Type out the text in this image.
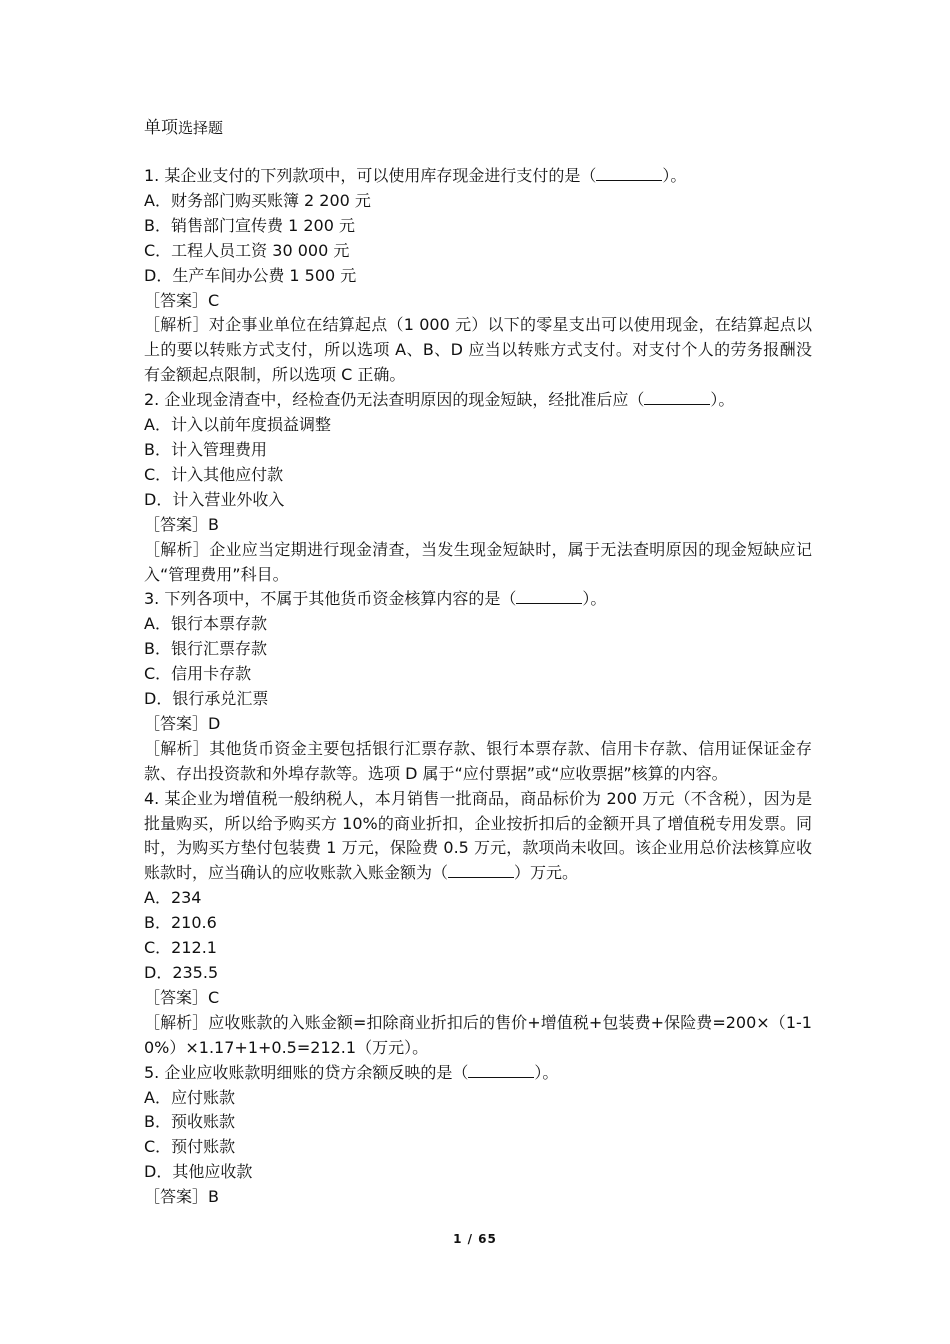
单项选择题
1. 某企业支付的下列款项中，可以使用库存现金进行支付的是（	）。
A．财务部门购买账簿 2 200 元
B．销售部门宣传费 1 200 元
C．工程人员工资 30 000 元
D．生产车间办公费 1 500 元
［答案］C
［解析］对企事业单位在结算起点（1 000 元）以下的零星支出可以使用现金，在结算起点以上的要以转账方式支付，所以选项 A、B、D 应当以转账方式支付。对支付个人的劳务报酬没有金额起点限制，所以选项 C 正确。
2. 企业现金清查中，经检查仍无法查明原因的现金短缺，经批准后应（	）。
A．计入以前年度损益调整
B．计入管理费用
C．计入其他应付款
D．计入营业外收入
［答案］B
［解析］企业应当定期进行现金清查，当发生现金短缺时，属于无法查明原因的现金短缺应记入“管理费用”科目。
3. 下列各项中，不属于其他货币资金核算内容的是（	）。
A．银行本票存款
B．银行汇票存款
C．信用卡存款
D．银行承兑汇票
［答案］D
［解析］其他货币资金主要包括银行汇票存款、银行本票存款、信用卡存款、信用证保证金存款、存出投资款和外埠存款等。选项 D 属于“应付票据”或“应收票据”核算的内容。
4. 某企业为增值税一般纳税人，本月销售一批商品，商品标价为 200 万元（不含税），因为是批量购买，所以给予购买方 10%的商业折扣，企业按折扣后的金额开具了增值税专用发票。同时，为购买方垫付包装费 1 万元，保险费 0.5 万元，款项尚未收回。该企业用总价法核算应收账款时，应当确认的应收账款入账金额为（	）万元。
A．234
B．210.6
C．212.1
D．235.5
［答案］C
［解析］应收账款的入账金额=扣除商业折扣后的售价+增值税+包装费+保险费=200×（1-10%）×1.17+1+0.5=212.1（万元）。
5. 企业应收账款明细账的贷方余额反映的是（	）。
A．应付账款
B．预收账款
C．预付账款
D．其他应收款
［答案］B
1 / 65
